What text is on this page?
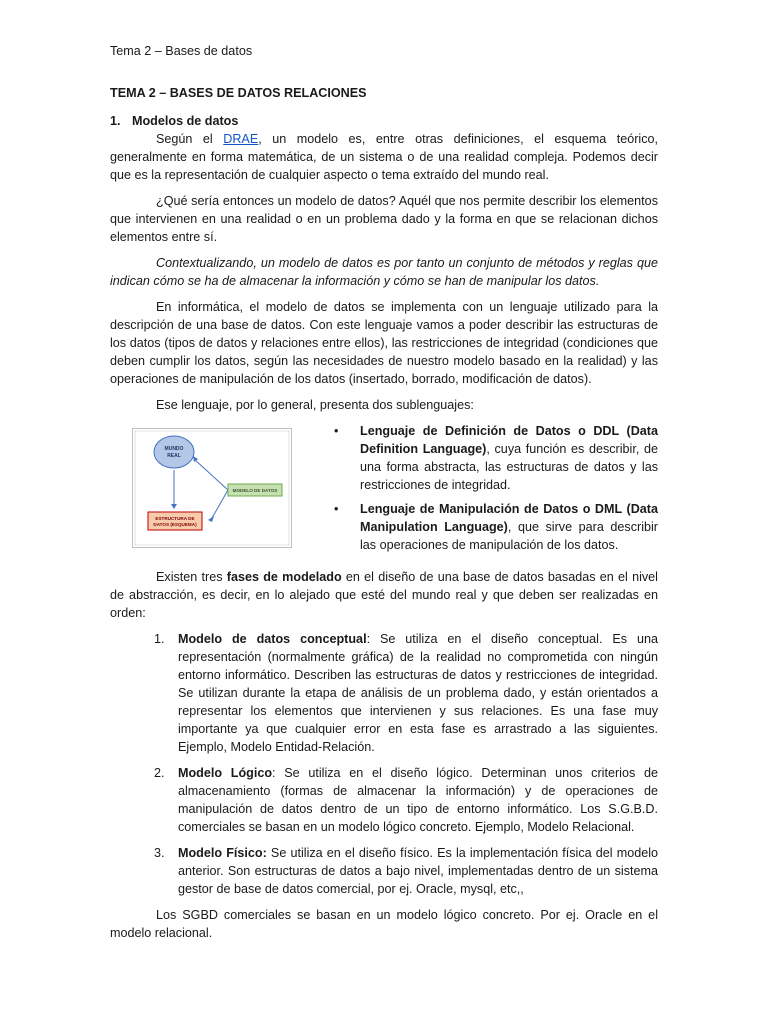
Tema 2 – Bases de datos
TEMA 2 – BASES DE DATOS RELACIONES
1. Modelos de datos

Según el DRAE, un modelo es, entre otras definiciones, el esquema teórico, generalmente en forma matemática, de un sistema o de una realidad compleja. Podemos decir que es la representación de cualquier aspecto o tema extraído del mundo real.

¿Qué sería entonces un modelo de datos? Aquél que nos permite describir los elementos que intervienen en una realidad o en un problema dado y la forma en que se relacionan dichos elementos entre sí.

Contextualizando, un modelo de datos es por tanto un conjunto de métodos y reglas que indican cómo se ha de almacenar la información y cómo se han de manipular los datos.

En informática, el modelo de datos se implementa con un lenguaje utilizado para la descripción de una base de datos. Con este lenguaje vamos a poder describir las estructuras de los datos (tipos de datos y relaciones entre ellos), las restricciones de integridad (condiciones que deben cumplir los datos, según las necesidades de nuestro modelo basado en la realidad) y las operaciones de manipulación de los datos (insertado, borrado, modificación de datos).

Ese lenguaje, por lo general, presenta dos sublenguajes:

MUNDO
REAL
MODELO DE DATOS
ESTRUCTURA DE
DATOS (ESQUEMA)
•	Lenguaje de Definición de Datos o DDL (Data Definition Language), cuya función es describir, de una forma abstracta, las estructuras de datos y las restricciones de integridad.
•	Lenguaje de Manipulación de Datos o DML (Data Manipulation Language), que sirve para describir las operaciones de manipulación de los datos.

Existen tres fases de modelado en el diseño de una base de datos basadas en el nivel de abstracción, es decir, en lo alejado que esté del mundo real y que deben ser realizadas en orden:

1.	Modelo de datos conceptual: Se utiliza en el diseño conceptual. Es una representación (normalmente gráfica) de la realidad no comprometida con ningún entorno informático. Describen las estructuras de datos y restricciones de integridad. Se utilizan durante la etapa de análisis de un problema dado, y están orientados a representar los elementos que intervienen y sus relaciones. Es una fase muy importante ya que cualquier error en esta fase es arrastrado a las siguientes. Ejemplo, Modelo Entidad-Relación.
2.	Modelo Lógico: Se utiliza en el diseño lógico. Determinan unos criterios de almacenamiento (formas de almacenar la información) y de operaciones de manipulación de datos dentro de un tipo de entorno informático. Los S.G.B.D. comerciales se basan en un modelo lógico concreto. Ejemplo, Modelo Relacional.
3.	Modelo Físico: Se utiliza en el diseño físico. Es la implementación física del modelo anterior. Son estructuras de datos a bajo nivel, implementadas dentro de un sistema gestor de base de datos comercial, por ej. Oracle, mysql, etc,,

Los SGBD comerciales se basan en un modelo lógico concreto. Por ej. Oracle en el modelo relacional.
